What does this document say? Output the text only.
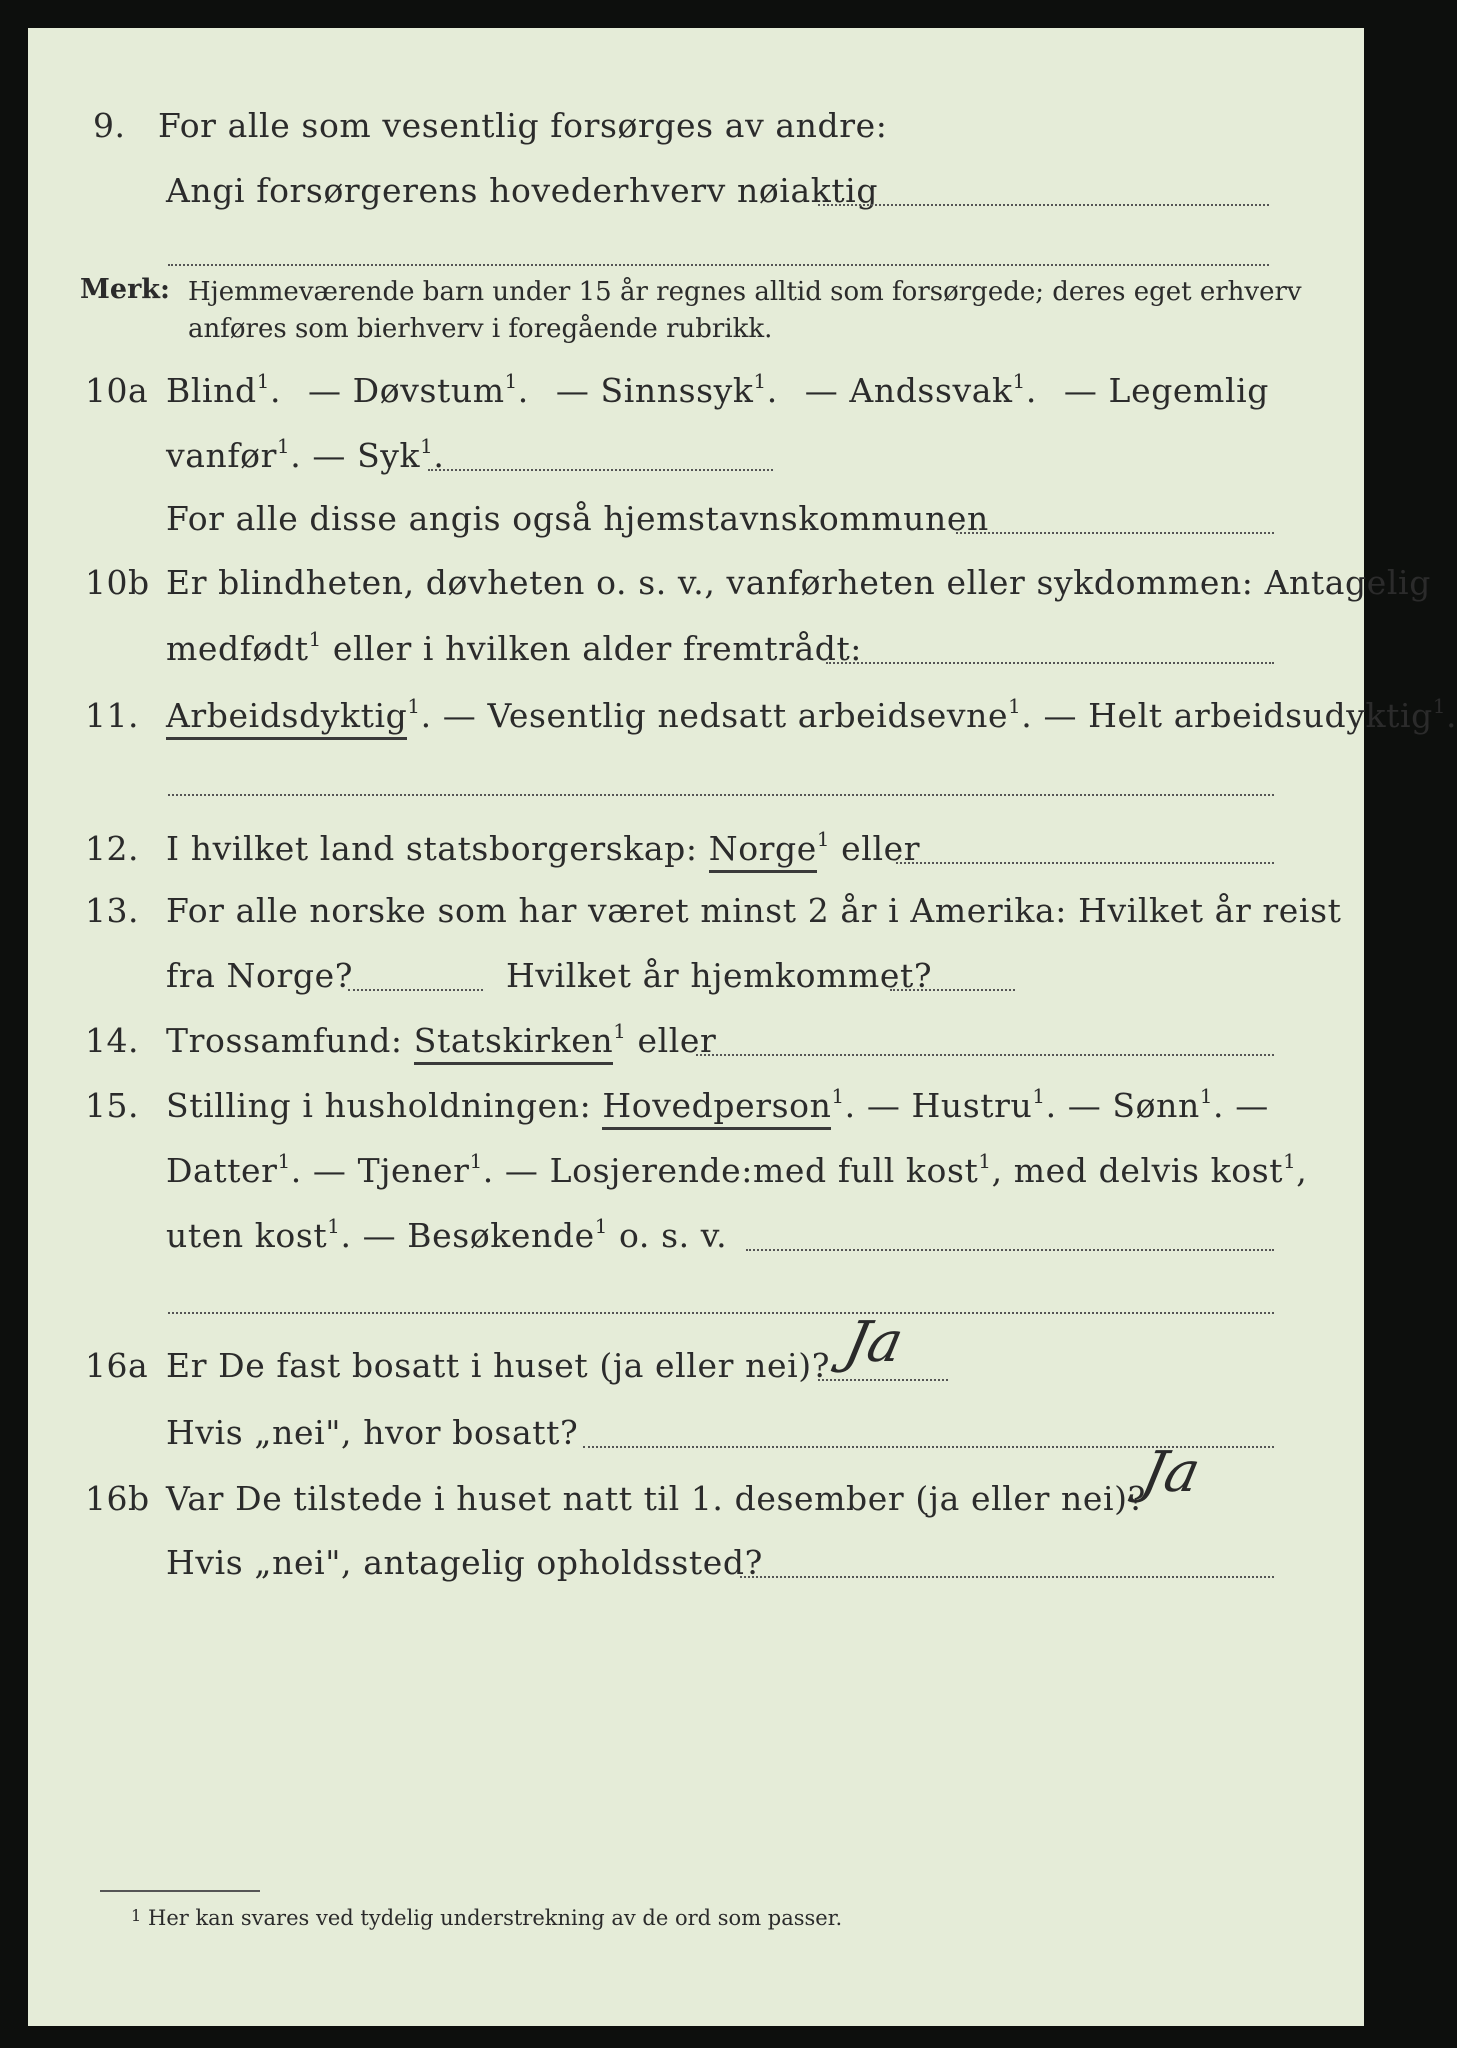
9. For alle som vesentlig forsørges av andre:
Angi forsørgerens hovederhverv nøiaktig
Merk: Hjemmeværende barn under 15 år regnes alltid som forsørgede; deres eget erhverv anføres som bierhverv i foregående rubrikk.
10a Blind$^1$. — Døvstum$^1$. — Sinnssyk$^1$. — Andssvak$^1$. — Legemlig
vanfør$^1$. — Syk$^1$.
For alle disse angis også hjemstavnskommunen
10b Er blindheten, døvheten o. s. v., vanførheten eller sykdommen: Antagelig
medfødt$^1$ eller i hvilken alder fremtrådt:
11. Arbeidsdyktig$^1$. — Vesentlig nedsatt arbeidsevne$^1$. — Helt arbeidsudyktig$^1$.
12. I hvilket land statsborgerskap: Norge$^1$ eller
13. For alle norske som har været minst 2 år i Amerika: Hvilket år reist
fra Norge?	Hvilket år hjemkommet?
14. Trossamfund: Statskirken$^1$ eller
15. Stilling i husholdningen: Hovedperson$^1$. — Hustru$^1$. — Sønn$^1$. —
Datter$^1$. — Tjener$^1$. — Losjerende: med full kost$^1$, med delvis kost$^1$,
uten kost$^1$. — Besøkende$^1$ o. s. v.
16a Er De fast bosatt i huset (ja eller nei)? Ja
Hvis „nei", hvor bosatt?
16b Var De tilstede i huset natt til 1. desember (ja eller nei)?
Ja
Hvis „nei", antagelig opholdssted?
1 Her kan svares ved tydelig understrekning av de ord som passer.
